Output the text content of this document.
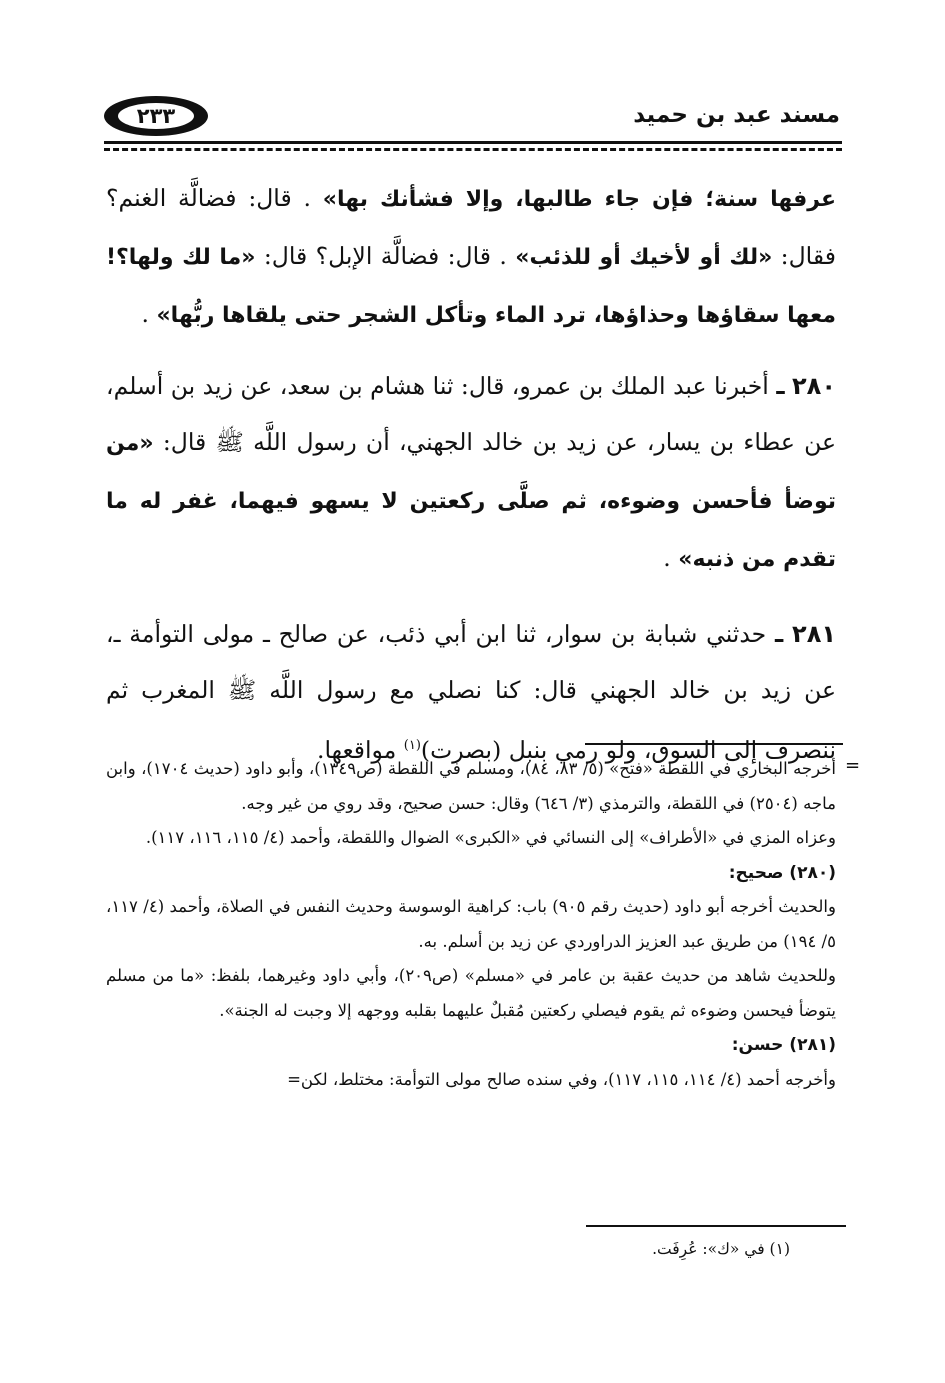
٢٣٣	مسند عبد بن حميد

عرفها سنة؛ فإن جاء طالبها، وإلا فشأنك بها» . قال: فضالَّة الغنم؟ فقال: «لك أو لأخيك أو للذئب» . قال: فضالَّة الإبل؟ قال: «ما لك ولها؟! معها سقاؤها وحذاؤها، ترد الماء وتأكل الشجر حتى يلقاها ربُّها» .

٢٨٠ ـ أخبرنا عبد الملك بن عمرو، قال: ثنا هشام بن سعد، عن زيد بن أسلم، عن عطاء بن يسار، عن زيد بن خالد الجهني، أن رسول اللَّه ﷺ قال: «من توضأ فأحسن وضوءه، ثم صلَّى ركعتين لا يسهو فيهما، غفر له ما تقدم من ذنبه» .

٢٨١ ـ حدثني شبابة بن سوار، ثنا ابن أبي ذئب، عن صالح ـ مولى التوأمة ـ، عن زيد بن خالد الجهني قال: كنا نصلي مع رسول اللَّه ﷺ المغرب ثم ننصرف إلى السوق، ولو رمي بنبل (بصرت)$^{(١)}$ مواقعها.

=

أخرجه البخاري في اللقطة «فتح» (٥/ ٨٣، ٨٤)، ومسلم في اللقطة (ص١٣٤٩)، وأبو داود (حديث ١٧٠٤)، وابن ماجه (٢٥٠٤) في اللقطة، والترمذي (٣/ ٦٤٦) وقال: حسن صحيح، وقد روي من غير وجه.

وعزاه المزي في «الأطراف» إلى النسائي في «الكبرى» الضوال واللقطة، وأحمد (٤/ ١١٥، ١١٦، ١١٧).

(٢٨٠) صحيح:

والحديث أخرجه أبو داود (حديث رقم ٩٠٥) باب: كراهية الوسوسة وحديث النفس في الصلاة، وأحمد (٤/ ١١٧، ٥/ ١٩٤) من طريق عبد العزيز الدراوردي عن زيد بن أسلم. به.

وللحديث شاهد من حديث عقبة بن عامر في «مسلم» (ص٢٠٩)، وأبي داود وغيرهما، بلفظ: «ما من مسلم يتوضأ فيحسن وضوءه ثم يقوم فيصلي ركعتين مُقبلٌ عليهما بقلبه ووجهه إلا وجبت له الجنة».

(٢٨١) حسن:

وأخرجه أحمد (٤/ ١١٤، ١١٥، ١١٧)، وفي سنده صالح مولى التوأمة: مختلط، لكن=

(١) في «ك»: عُرِفَت.
